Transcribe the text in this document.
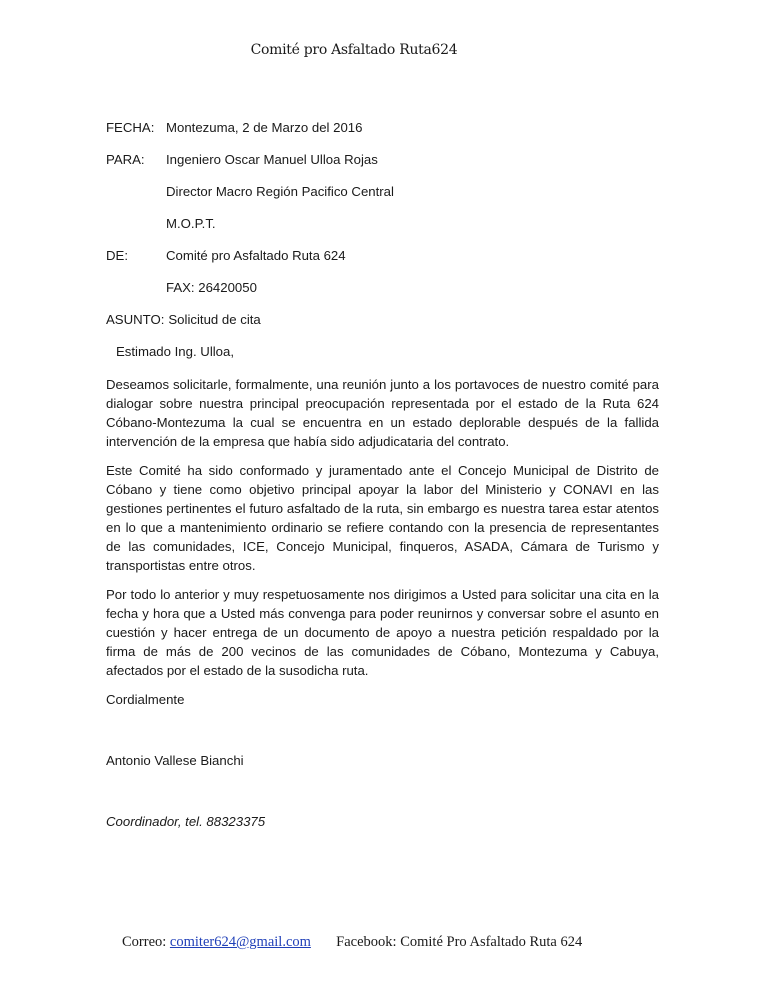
Comité pro Asfaltado Ruta624
FECHA: Montezuma, 2 de Marzo del 2016
PARA:	Ingeniero Oscar Manuel Ulloa Rojas
Director Macro Región Pacifico Central
M.O.P.T.
DE:	Comité pro Asfaltado Ruta 624
FAX: 26420050
ASUNTO: Solicitud de cita
Estimado Ing. Ulloa,

Deseamos solicitarle, formalmente, una reunión junto a los portavoces de nuestro comité para dialogar sobre nuestra principal preocupación representada por el estado de la Ruta 624 Cóbano-Montezuma la cual se encuentra en un estado deplorable después de la fallida intervención de la empresa que había sido adjudicataria del contrato.

Este Comité ha sido conformado y juramentado ante el Concejo Municipal de Distrito de Cóbano y tiene como objetivo principal apoyar la labor del Ministerio y CONAVI en las gestiones pertinentes el futuro asfaltado de la ruta, sin embargo es nuestra tarea estar atentos en lo que a mantenimiento ordinario se refiere contando con la presencia de representantes de las comunidades, ICE, Concejo Municipal, finqueros, ASADA, Cámara de Turismo y transportistas entre otros.

Por todo lo anterior y muy respetuosamente nos dirigimos a Usted para solicitar una cita en la fecha y hora que a Usted más convenga para poder reunirnos y conversar sobre el asunto en cuestión y hacer entrega de un documento de apoyo a nuestra petición respaldado por la firma de más de 200 vecinos de las comunidades de Cóbano, Montezuma y Cabuya, afectados por el estado de la susodicha ruta.

Cordialmente
Antonio Vallese Bianchi
Coordinador, tel. 88323375
Correo: comiter624@gmail.com Facebook: Comité Pro Asfaltado Ruta 624
